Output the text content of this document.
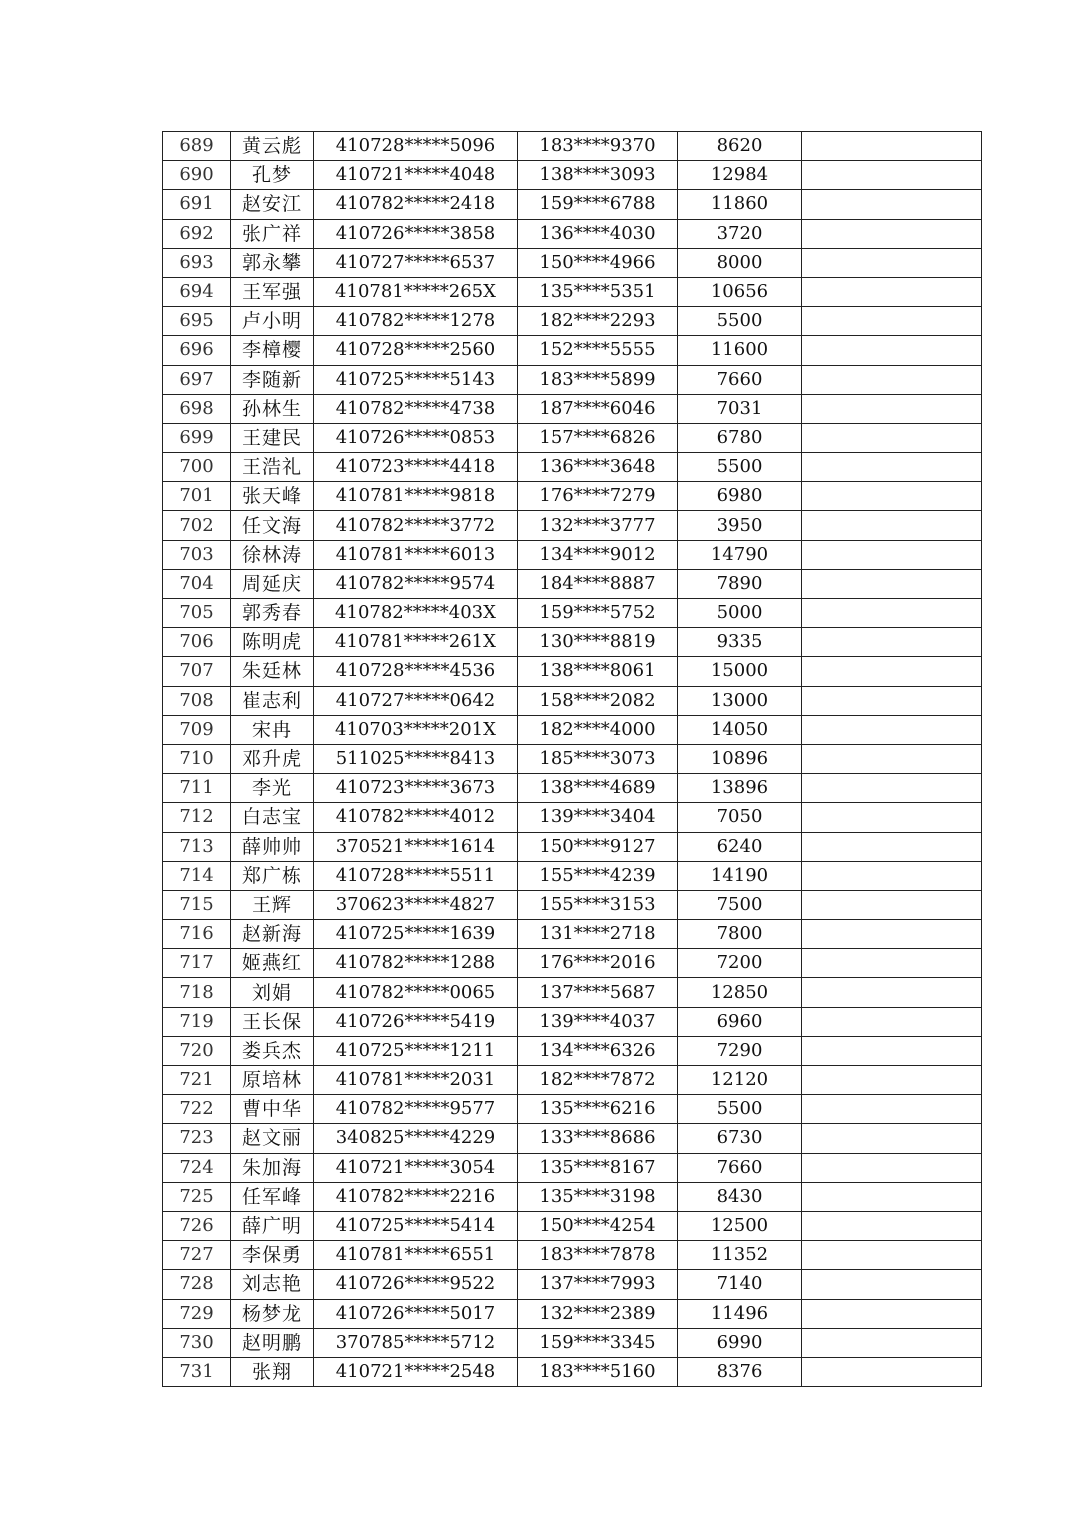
689	黄云彪	410728*****5096	183****9370	8620	
690	孔梦	410721*****4048	138****3093	12984	
691	赵安江	410782*****2418	159****6788	11860	
692	张广祥	410726*****3858	136****4030	3720	
693	郭永攀	410727*****6537	150****4966	8000	
694	王军强	410781*****265X	135****5351	10656	
695	卢小明	410782*****1278	182****2293	5500	
696	李樟樱	410728*****2560	152****5555	11600	
697	李随新	410725*****5143	183****5899	7660	
698	孙林生	410782*****4738	187****6046	7031	
699	王建民	410726*****0853	157****6826	6780	
700	王浩礼	410723*****4418	136****3648	5500	
701	张天峰	410781*****9818	176****7279	6980	
702	任文海	410782*****3772	132****3777	3950	
703	徐林涛	410781*****6013	134****9012	14790	
704	周延庆	410782*****9574	184****8887	7890	
705	郭秀春	410782*****403X	159****5752	5000	
706	陈明虎	410781*****261X	130****8819	9335	
707	朱廷林	410728*****4536	138****8061	15000	
708	崔志利	410727*****0642	158****2082	13000	
709	宋冉	410703*****201X	182****4000	14050	
710	邓升虎	511025*****8413	185****3073	10896	
711	李光	410723*****3673	138****4689	13896	
712	白志宝	410782*****4012	139****3404	7050	
713	薛帅帅	370521*****1614	150****9127	6240	
714	郑广栋	410728*****5511	155****4239	14190	
715	王辉	370623*****4827	155****3153	7500	
716	赵新海	410725*****1639	131****2718	7800	
717	姬燕红	410782*****1288	176****2016	7200	
718	刘娟	410782*****0065	137****5687	12850	
719	王长保	410726*****5419	139****4037	6960	
720	娄兵杰	410725*****1211	134****6326	7290	
721	原培林	410781*****2031	182****7872	12120	
722	曹中华	410782*****9577	135****6216	5500	
723	赵文丽	340825*****4229	133****8686	6730	
724	朱加海	410721*****3054	135****8167	7660	
725	任军峰	410782*****2216	135****3198	8430	
726	薛广明	410725*****5414	150****4254	12500	
727	李保勇	410781*****6551	183****7878	11352	
728	刘志艳	410726*****9522	137****7993	7140	
729	杨梦龙	410726*****5017	132****2389	11496	
730	赵明鹏	370785*****5712	159****3345	6990	
731	张翔	410721*****2548	183****5160	8376	
